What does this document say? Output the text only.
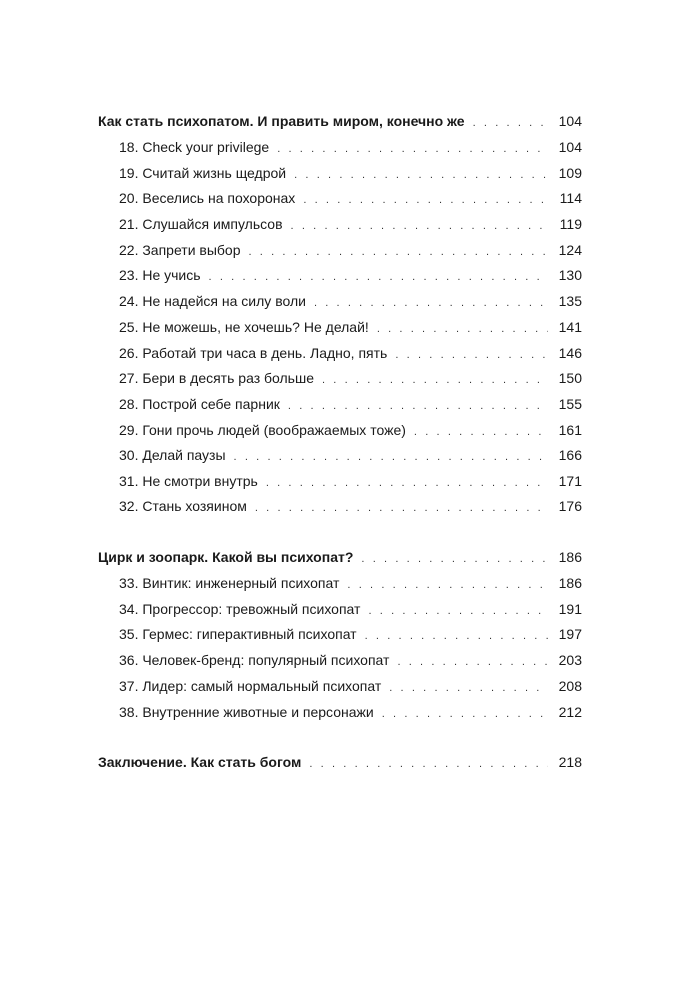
Как стать психопатом. И править миром, конечно же . . .	104
18. Check your privilege . . .	104
19. Считай жизнь щедрой . . .	109
20. Веселись на похоронах . . .	114
21. Слушайся импульсов . . .	119
22. Запрети выбор . . .	124
23. Не учись . . .	130
24. Не надейся на силу воли . . .	135
25. Не можешь, не хочешь? Не делай! . . .	141
26. Работай три часа в день. Ладно, пять . . .	146
27. Бери в десять раз больше . . .	150
28. Построй себе парник . . .	155
29. Гони прочь людей (воображаемых тоже) . . .	161
30. Делай паузы . . .	166
31. Не смотри внутрь . . .	171
32. Стань хозяином . . .	176
Цирк и зоопарк. Какой вы психопат? . . .	186
33. Винтик: инженерный психопат . . .	186
34. Прогрессор: тревожный психопат . . .	191
35. Гермес: гиперактивный психопат . . .	197
36. Человек-бренд: популярный психопат . . .	203
37. Лидер: самый нормальный психопат . . .	208
38. Внутренние животные и персонажи . . .	212
Заключение. Как стать богом . . .	218
